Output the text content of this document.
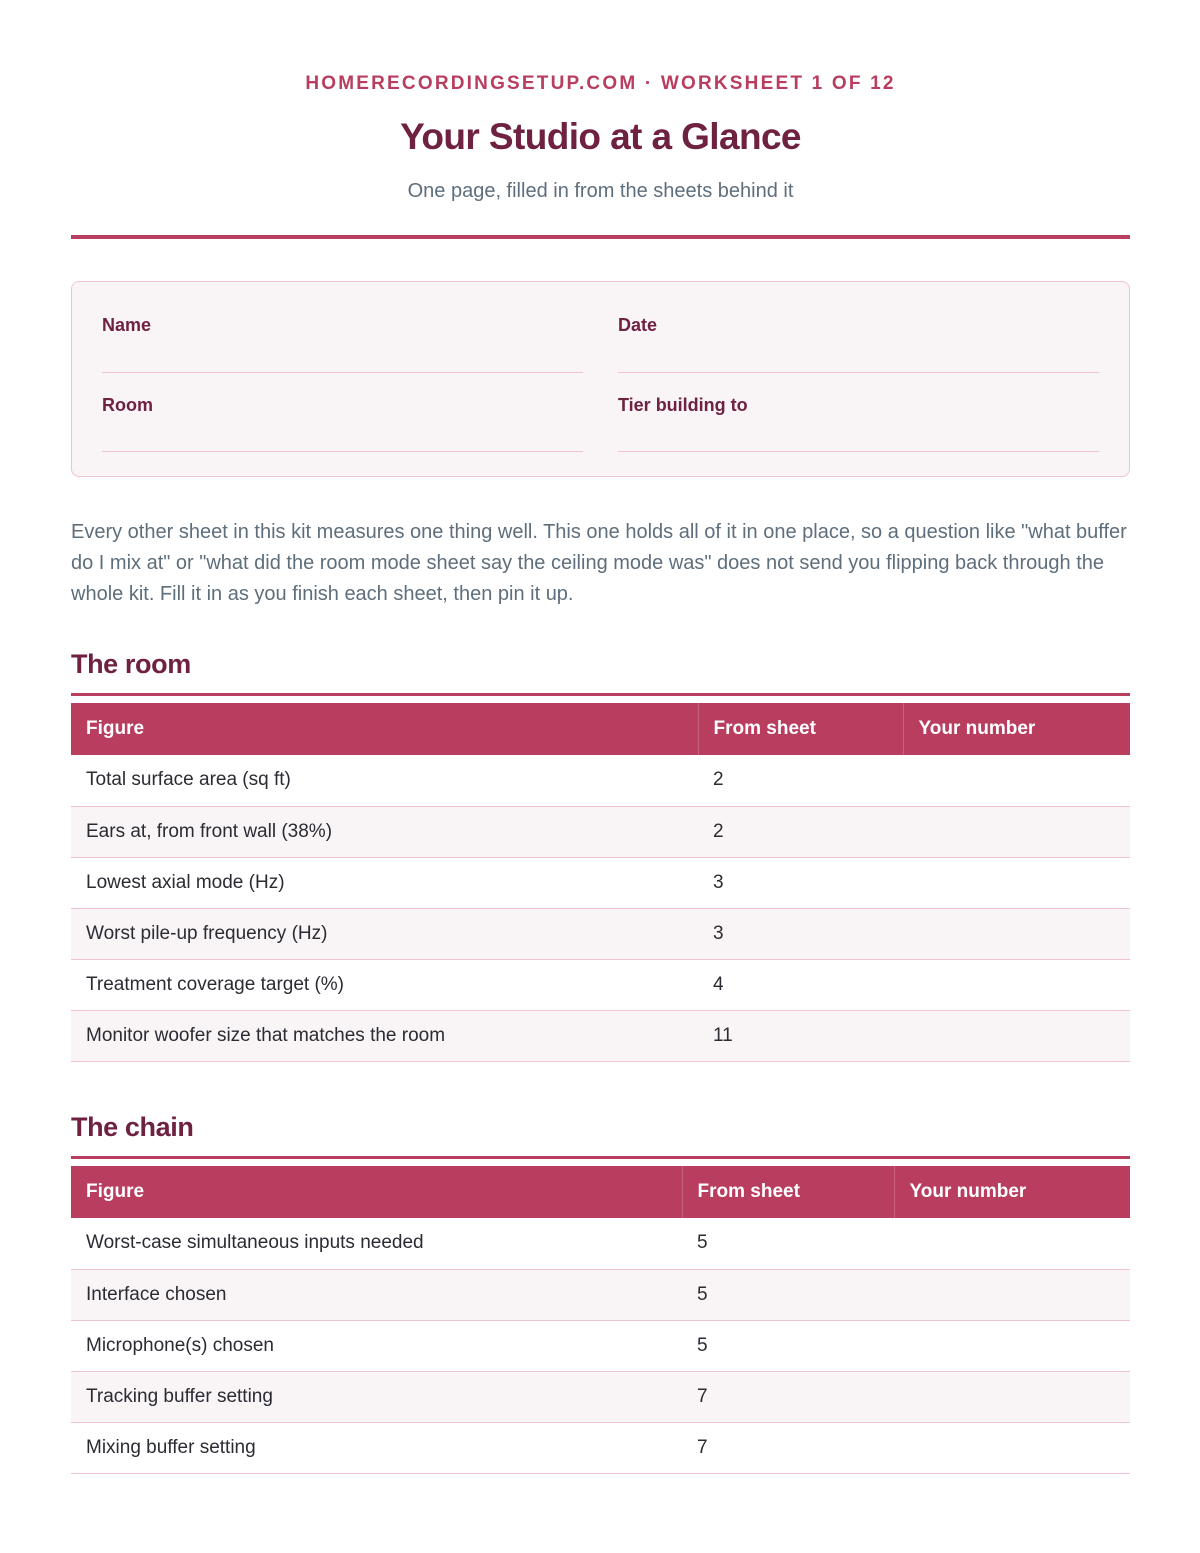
HOMERECORDINGSETUP.COM · WORKSHEET 1 OF 12
Your Studio at a Glance
One page, filled in from the sheets behind it
Name	Date
Room	Tier building to

Every other sheet in this kit measures one thing well. This one holds all of it in one place, so a question like "what buffer do I mix at" or "what did the room mode sheet say the ceiling mode was" does not send you flipping back through the whole kit. Fill it in as you finish each sheet, then pin it up.

The room
Figure	From sheet	Your number
Total surface area (sq ft)	2	
Ears at, from front wall (38%)	2	
Lowest axial mode (Hz)	3	
Worst pile-up frequency (Hz)	3	
Treatment coverage target (%)	4	
Monitor woofer size that matches the room	11	
The chain
Figure	From sheet	Your number
Worst-case simultaneous inputs needed	5	
Interface chosen	5	
Microphone(s) chosen	5	
Tracking buffer setting	7	
Mixing buffer setting	7	
